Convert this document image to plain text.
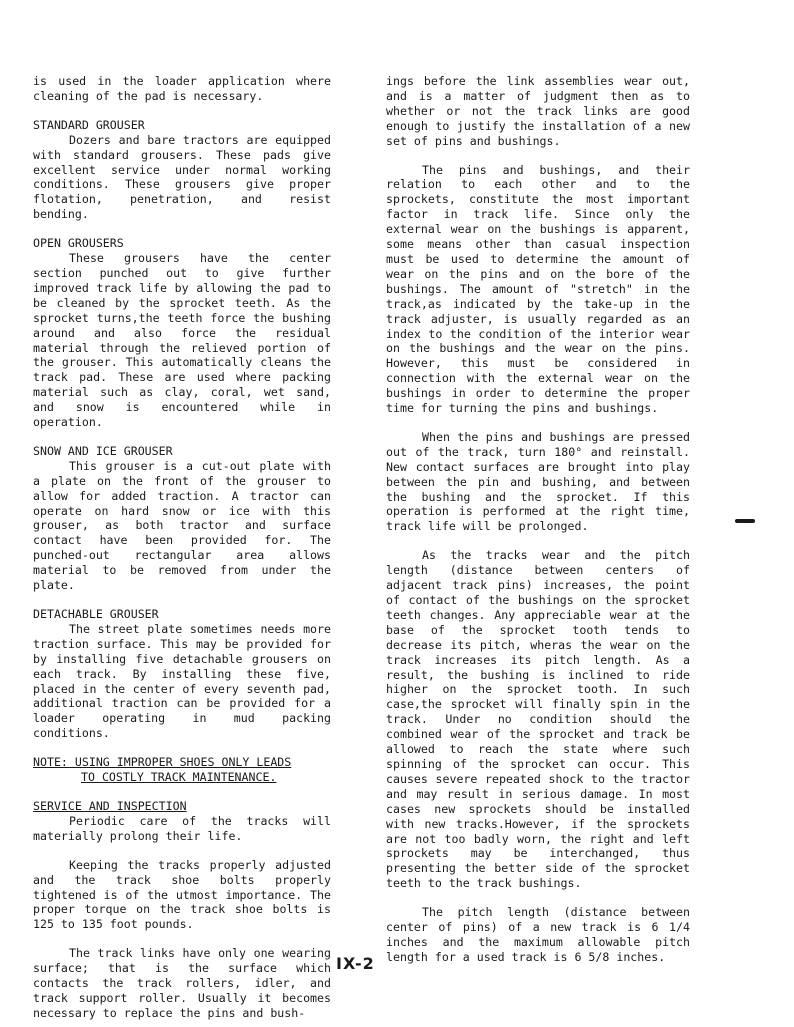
is used in the loader application where cleaning of the pad is necessary.

STANDARD GROUSER

Dozers and bare tractors are equipped with standard grousers. These pads give excellent service under normal working conditions. These grousers give proper flotation, penetration, and resist bending.

OPEN GROUSERS

These grousers have the center section punched out to give further improved track life by allowing the pad to be cleaned by the sprocket teeth. As the sprocket turns,the teeth force the bushing around and also force the residual material through the relieved portion of the grouser. This automatically cleans the track pad. These are used where packing material such as clay, coral, wet sand, and snow is encountered while in operation.

SNOW AND ICE GROUSER

This grouser is a cut-out plate with a plate on the front of the grouser to allow for added traction. A tractor can operate on hard snow or ice with this grouser, as both tractor and surface contact have been provided for. The punched-out rectangular area allows material to be removed from under the plate.

DETACHABLE GROUSER

The street plate sometimes needs more traction surface. This may be provided for by installing five detachable grousers on each track. By installing these five, placed in the center of every seventh pad, additional traction can be provided for a loader operating in mud packing conditions.

NOTE: USING IMPROPER SHOES ONLY LEADS

TO COSTLY TRACK MAINTENANCE.

SERVICE AND INSPECTION

Periodic care of the tracks will materially prolong their life.

Keeping the tracks properly adjusted and the track shoe bolts properly tightened is of the utmost importance. The proper torque on the track shoe bolts is 125 to 135 foot pounds.

The track links have only one wearing surface; that is the surface which contacts the track rollers, idler, and track support roller. Usually it becomes necessary to replace the pins and bush-

ings before the link assemblies wear out, and is a matter of judgment then as to whether or not the track links are good enough to justify the installation of a new set of pins and bushings.

The pins and bushings, and their relation to each other and to the sprockets, constitute the most important factor in track life. Since only the external wear on the bushings is apparent, some means other than casual inspection must be used to determine the amount of wear on the pins and on the bore of the bushings. The amount of "stretch" in the track,as indicated by the take-up in the track adjuster, is usually regarded as an index to the condition of the interior wear on the bushings and the wear on the pins. However, this must be considered in connection with the external wear on the bushings in order to determine the proper time for turning the pins and bushings.

When the pins and bushings are pressed out of the track, turn 180° and reinstall. New contact surfaces are brought into play between the pin and bushing, and between the bushing and the sprocket. If this operation is performed at the right time, track life will be prolonged.

As the tracks wear and the pitch length (distance between centers of adjacent track pins) increases, the point of contact of the bushings on the sprocket teeth changes. Any appreciable wear at the base of the sprocket tooth tends to decrease its pitch, wheras the wear on the track increases its pitch length. As a result, the bushing is inclined to ride higher on the sprocket tooth. In such case,the sprocket will finally spin in the track. Under no condition should the combined wear of the sprocket and track be allowed to reach the state where such spinning of the sprocket can occur. This causes severe repeated shock to the tractor and may result in serious damage. In most cases new sprockets should be installed with new tracks.However, if the sprockets are not too badly worn, the right and left sprockets may be interchanged, thus presenting the better side of the sprocket teeth to the track bushings.

The pitch length (distance between center of pins) of a new track is 6 1/4 inches and the maximum allowable pitch length for a used track is 6 5/8 inches.

IX-2
